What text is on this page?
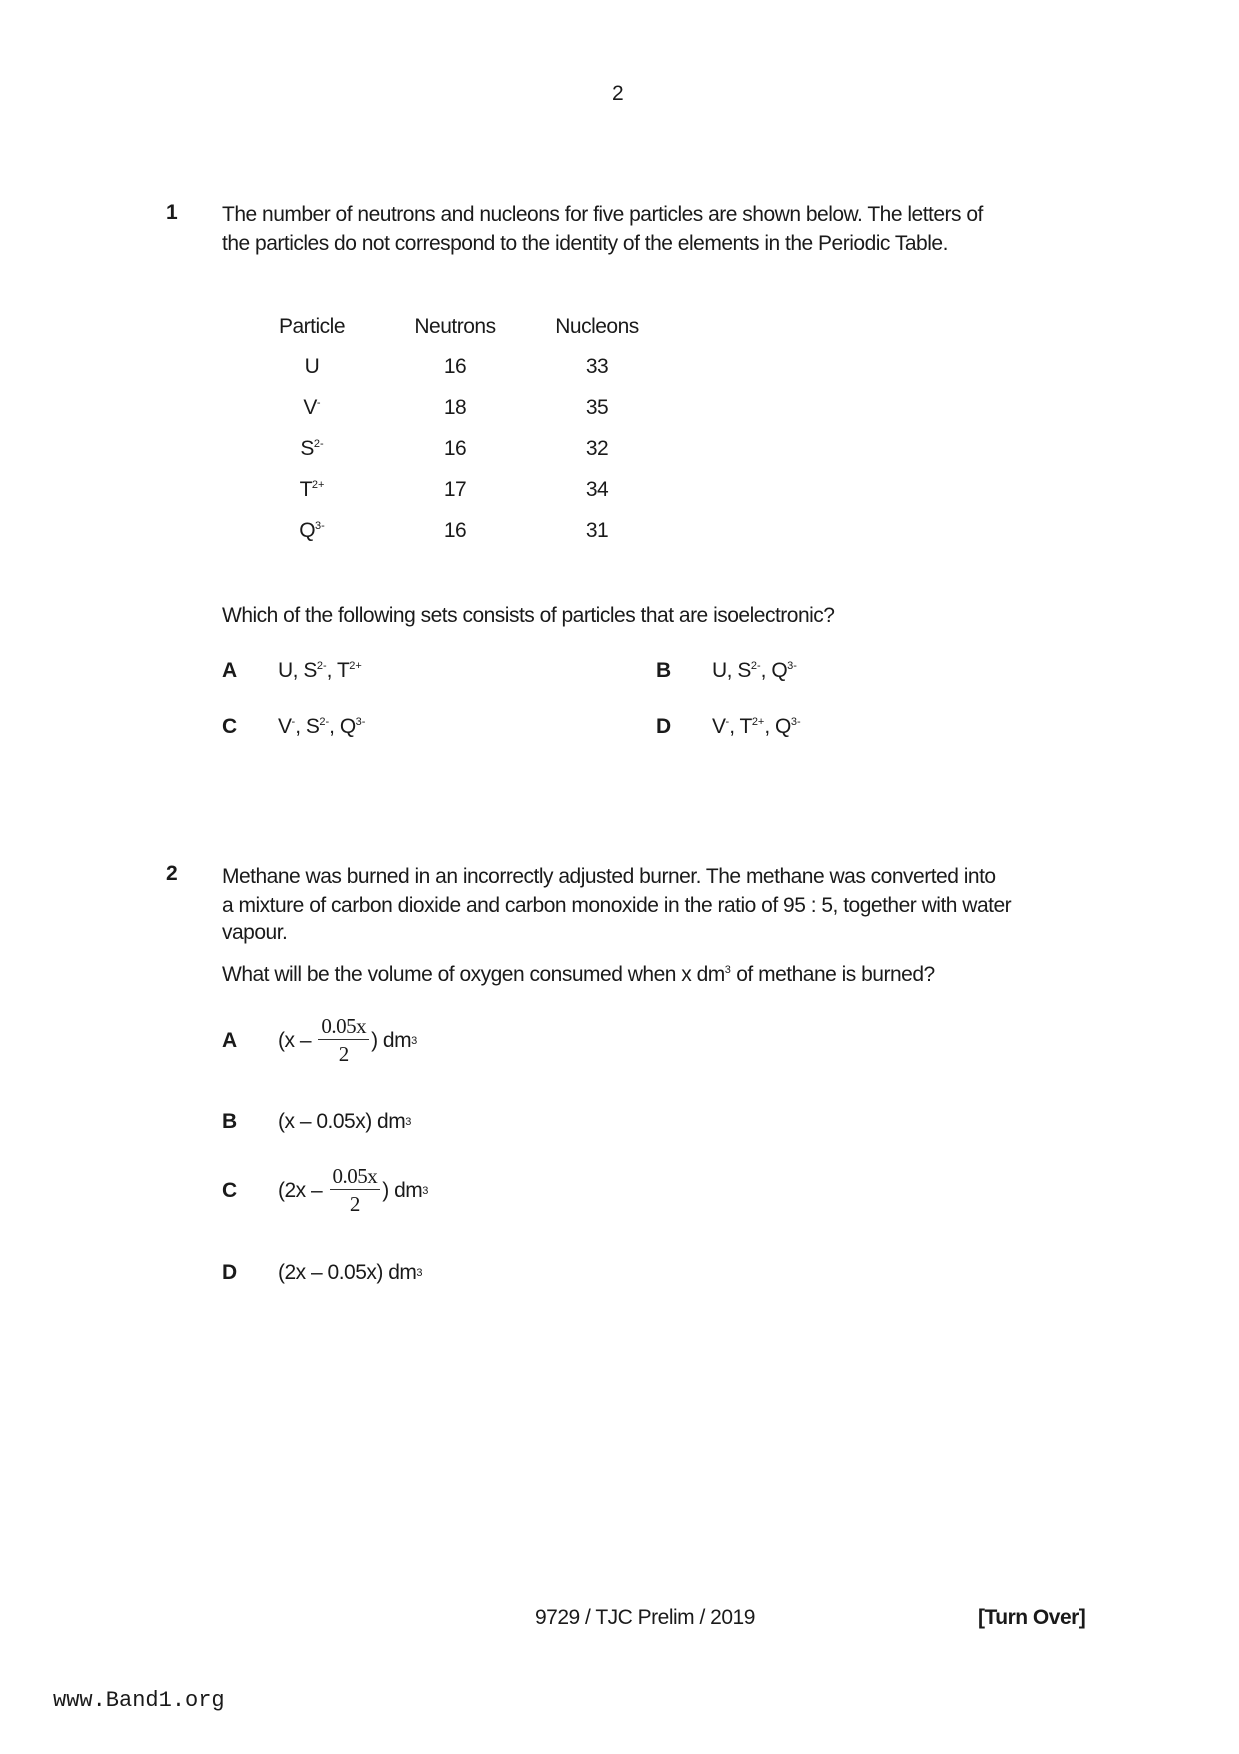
2
1 The number of neutrons and nucleons for five particles are shown below. The letters of
the particles do not correspond to the identity of the elements in the Periodic Table.
Particle	Neutrons	Nucleons
U	16	33
V-	18	35
$S^{2-}$	16	32
$T^{2+}$	17	34
$Q^{3-}$	16	31
Which of the following sets consists of particles that are isoelectronic?
A U, $S^{2-}$, $T^{2+}$	B U, $S^{2-}$, $Q^{3-}$
C V-, $S^{2-}$, $Q^{3-}$	D V-, $T^{2+}$, $Q^{3-}$
2 Methane was burned in an incorrectly adjusted burner. The methane was converted into
a mixture of carbon dioxide and carbon monoxide in the ratio of 95 : 5, together with water
vapour.
What will be the volume of oxygen consumed when x $dm^3$ of methane is burned?
A	($x - \frac{0.05x}{2}$ ) dm 3
B	(x – 0.05x) dm 3
C	($2x - \frac{0.05x}{2}$ ) dm 3
D	(2x – 0.05x) dm 3
9729 / TJC Prelim / 2019	[Turn Over]
www.Band1.org
